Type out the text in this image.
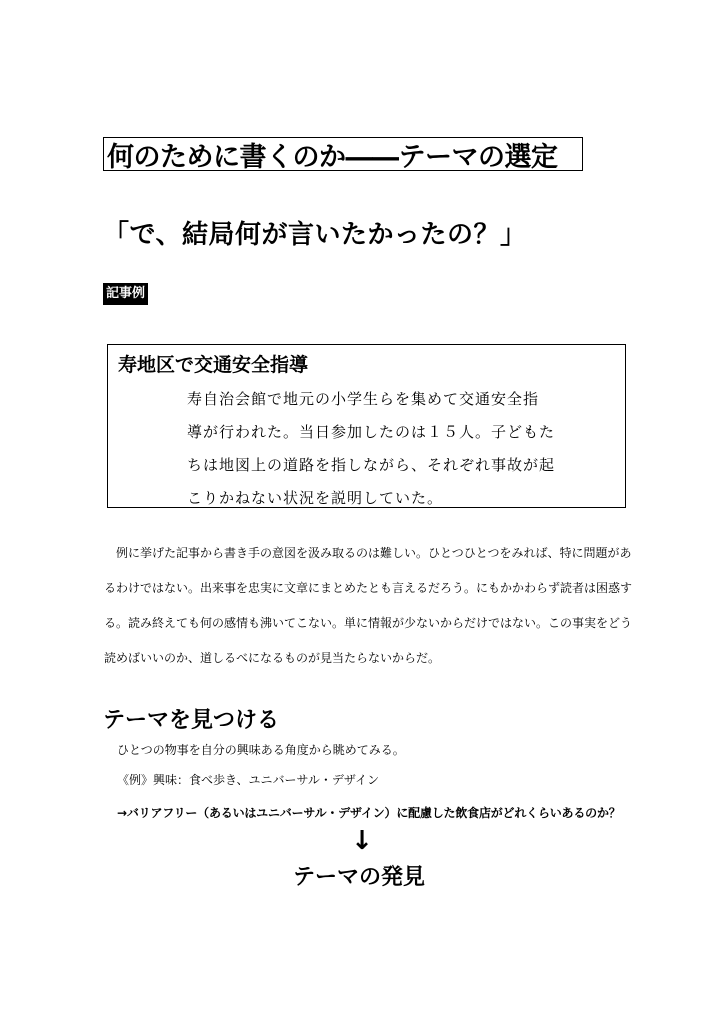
何のために書くのか――テーマの選定
「で、結局何が言いたかったの？」
記事例
寿地区で交通安全指導
寿自治会館で地元の小学生らを集めて交通安全指
導が行われた。当日参加したのは１５人。子どもた
ちは地図上の道路を指しながら、それぞれ事故が起
こりかねない状況を説明していた。
　例に挙げた記事から書き手の意図を汲み取るのは難しい。ひとつひとつをみれば、特に問題があ
るわけではない。出来事を忠実に文章にまとめたとも言えるだろう。にもかかわらず読者は困惑す
る。読み終えても何の感情も沸いてこない。単に情報が少ないからだけではない。この事実をどう
読めばいいのか、道しるべになるものが見当たらないからだ。
テーマを見つける
ひとつの物事を自分の興味ある角度から眺めてみる。
《例》興味：食べ歩き、ユニバーサル・デザイン
→バリアフリー（あるいはユニバーサル・デザイン）に配慮した飲食店がどれくらいあるのか？
↓
テーマの発見
